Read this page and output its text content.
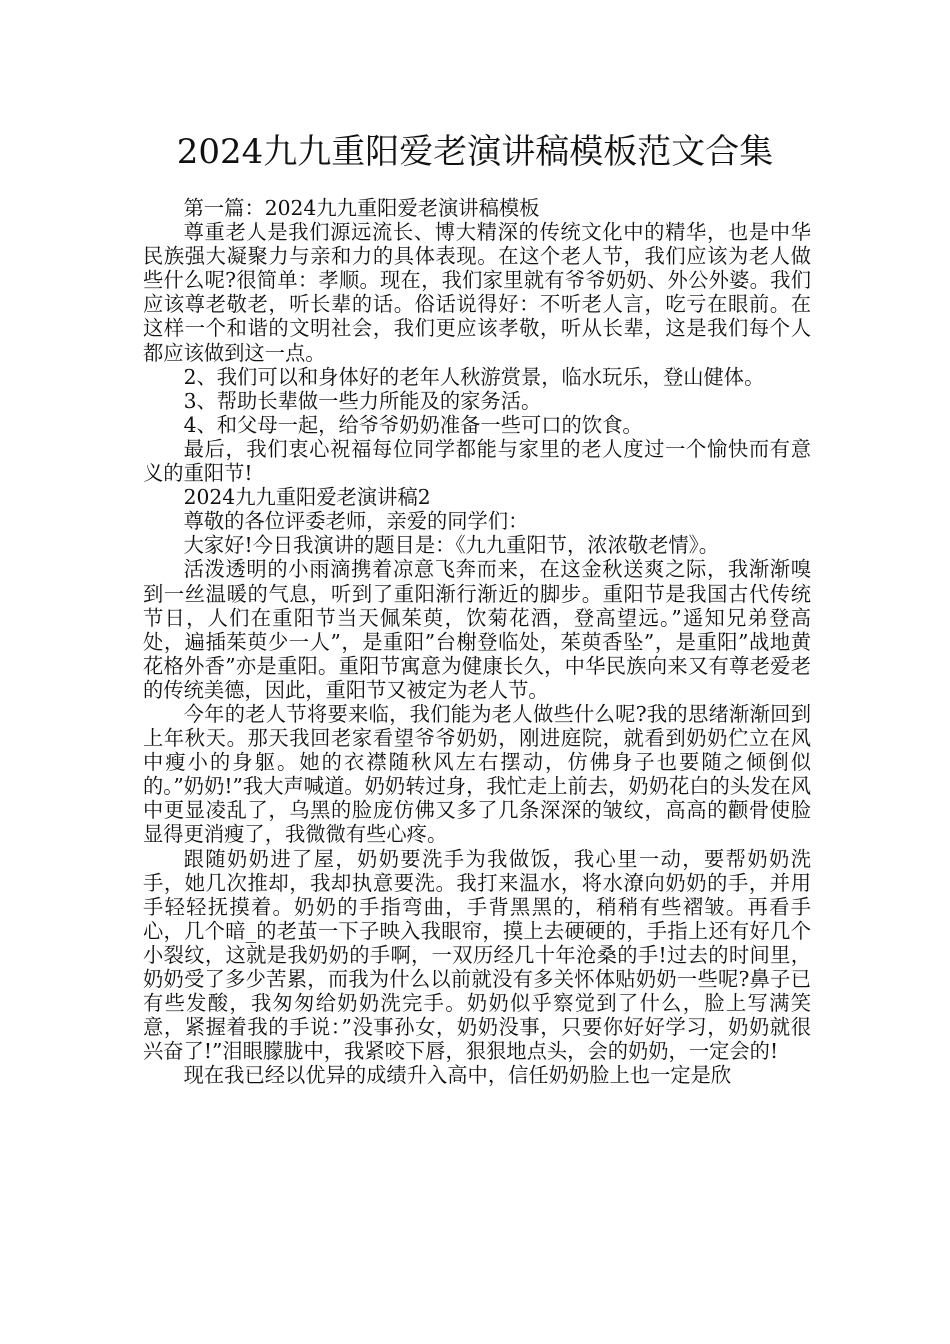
2024九九重阳爱老演讲稿模板范文合集

第一篇：2024九九重阳爱老演讲稿模板

尊重老人是我们源远流长、博大精深的传统文化中的精华，也是中华民族强大凝聚力与亲和力的具体表现。在这个老人节，我们应该为老人做些什么呢?很简单：孝顺。现在，我们家里就有爷爷奶奶、外公外婆。我们应该尊老敬老，听长辈的话。俗话说得好：不听老人言，吃亏在眼前。在这样一个和谐的文明社会，我们更应该孝敬，听从长辈，这是我们每个人都应该做到这一点。

2、我们可以和身体好的老年人秋游赏景，临水玩乐，登山健体。

3、帮助长辈做一些力所能及的家务活。

4、和父母一起，给爷爷奶奶准备一些可口的饮食。

最后，我们衷心祝福每位同学都能与家里的老人度过一个愉快而有意义的重阳节!

2024九九重阳爱老演讲稿2

尊敬的各位评委老师，亲爱的同学们：

大家好!今日我演讲的题目是：《九九重阳节，浓浓敬老情》。

活泼透明的小雨滴携着凉意飞奔而来，在这金秋送爽之际，我渐渐嗅到一丝温暖的气息，听到了重阳渐行渐近的脚步。重阳节是我国古代传统节日，人们在重阳节当天佩茱萸，饮菊花酒，登高望远。”遥知兄弟登高处，遍插茱萸少一人”，是重阳”台榭登临处，茱萸香坠”，是重阳”战地黄花格外香”亦是重阳。重阳节寓意为健康长久，中华民族向来又有尊老爱老的传统美德，因此，重阳节又被定为老人节。

今年的老人节将要来临，我们能为老人做些什么呢?我的思绪渐渐回到上年秋天。那天我回老家看望爷爷奶奶，刚进庭院，就看到奶奶伫立在风中瘦小的身躯。她的衣襟随秋风左右摆动，仿佛身子也要随之倾倒似的。”奶奶!”我大声喊道。奶奶转过身，我忙走上前去，奶奶花白的头发在风中更显凌乱了，乌黑的脸庞仿佛又多了几条深深的皱纹，高高的颧骨使脸显得更消瘦了，我微微有些心疼。

跟随奶奶进了屋，奶奶要洗手为我做饭，我心里一动，要帮奶奶洗手，她几次推却，我却执意要洗。我打来温水，将水潦向奶奶的手，并用手轻轻抚摸着。奶奶的手指弯曲，手背黑黑的，稍稍有些褶皱。再看手心，几个暗_的老茧一下子映入我眼帘，摸上去硬硬的，手指上还有好几个小裂纹，这就是我奶奶的手啊，一双历经几十年沧桑的手!过去的时间里，奶奶受了多少苦累，而我为什么以前就没有多关怀体贴奶奶一些呢?鼻子已有些发酸，我匆匆给奶奶洗完手。奶奶似乎察觉到了什么，脸上写满笑意，紧握着我的手说：”没事孙女，奶奶没事，只要你好好学习，奶奶就很兴奋了!”泪眼朦胧中，我紧咬下唇，狠狠地点头，会的奶奶，一定会的!

现在我已经以优异的成绩升入高中，信任奶奶脸上也一定是欣
